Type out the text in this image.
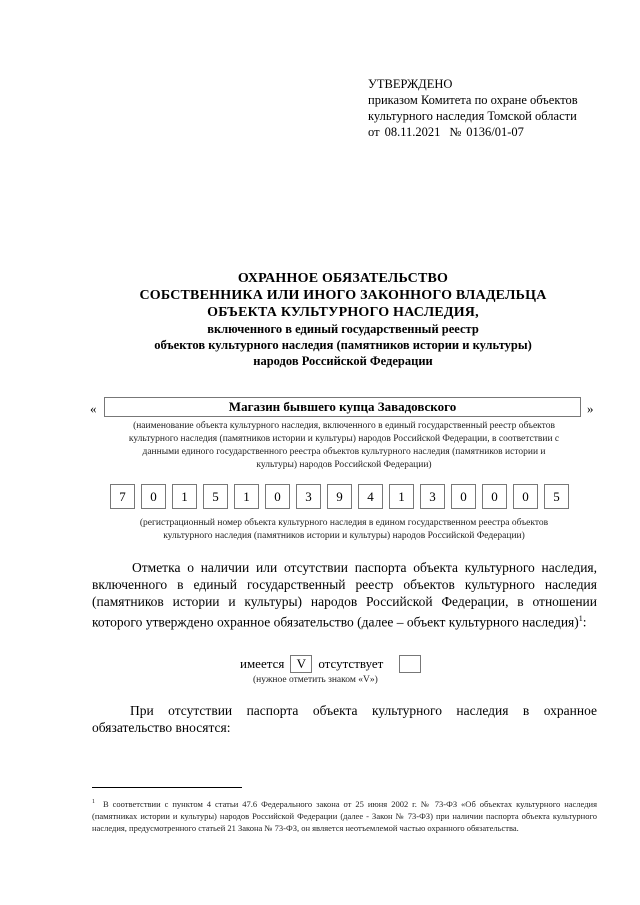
УТВЕРЖДЕНО
приказом Комитета по охране объектов
культурного наследия Томской области
от 08.11.2021 № 0136/01-07
ОХРАННОЕ ОБЯЗАТЕЛЬСТВО
СОБСТВЕННИКА ИЛИ ИНОГО ЗАКОННОГО ВЛАДЕЛЬЦА
ОБЪЕКТА КУЛЬТУРНОГО НАСЛЕДИЯ,
включенного в единый государственный реестр
объектов культурного наследия (памятников истории и культуры)
народов Российской Федерации
«	Магазин бывшего купца Завадовского	»
(наименование объекта культурного наследия, включенного в единый государственный реестр объектов
культурного наследия (памятников истории и культуры) народов Российской Федерации, в соответствии с
данными единого государственного реестра объектов культурного наследия (памятников истории и
культуры) народов Российской Федерации)
7	0	1	5	1	0	3	9	4	1	3	0	0	0	5
(регистрационный номер объекта культурного наследия в едином государственном реестра объектов
культурного наследия (памятников истории и культуры) народов Российской Федерации)
Отметка о наличии или отсутствии паспорта объекта культурного наследия, включенного в единый государственный реестр объектов культурного наследия (памятников истории и культуры) народов Российской Федерации, в отношении которого утверждено охранное обязательство (далее – объект культурного наследия)$^1$:
имеется V отсутствует
(нужное отметить знаком «V»)
При отсутствии паспорта объекта культурного наследия в охранное обязательство вносятся:
$^1$ В соответствии с пунктом 4 статьи 47.6 Федерального закона от 25 июня 2002 г. № 73-ФЗ «Об объектах культурного наследия (памятниках истории и культуры) народов Российской Федерации (далее - Закон № 73-ФЗ) при наличии паспорта объекта культурного наследия, предусмотренного статьей 21 Закона № 73-ФЗ, он является неотъемлемой частью охранного обязательства.
